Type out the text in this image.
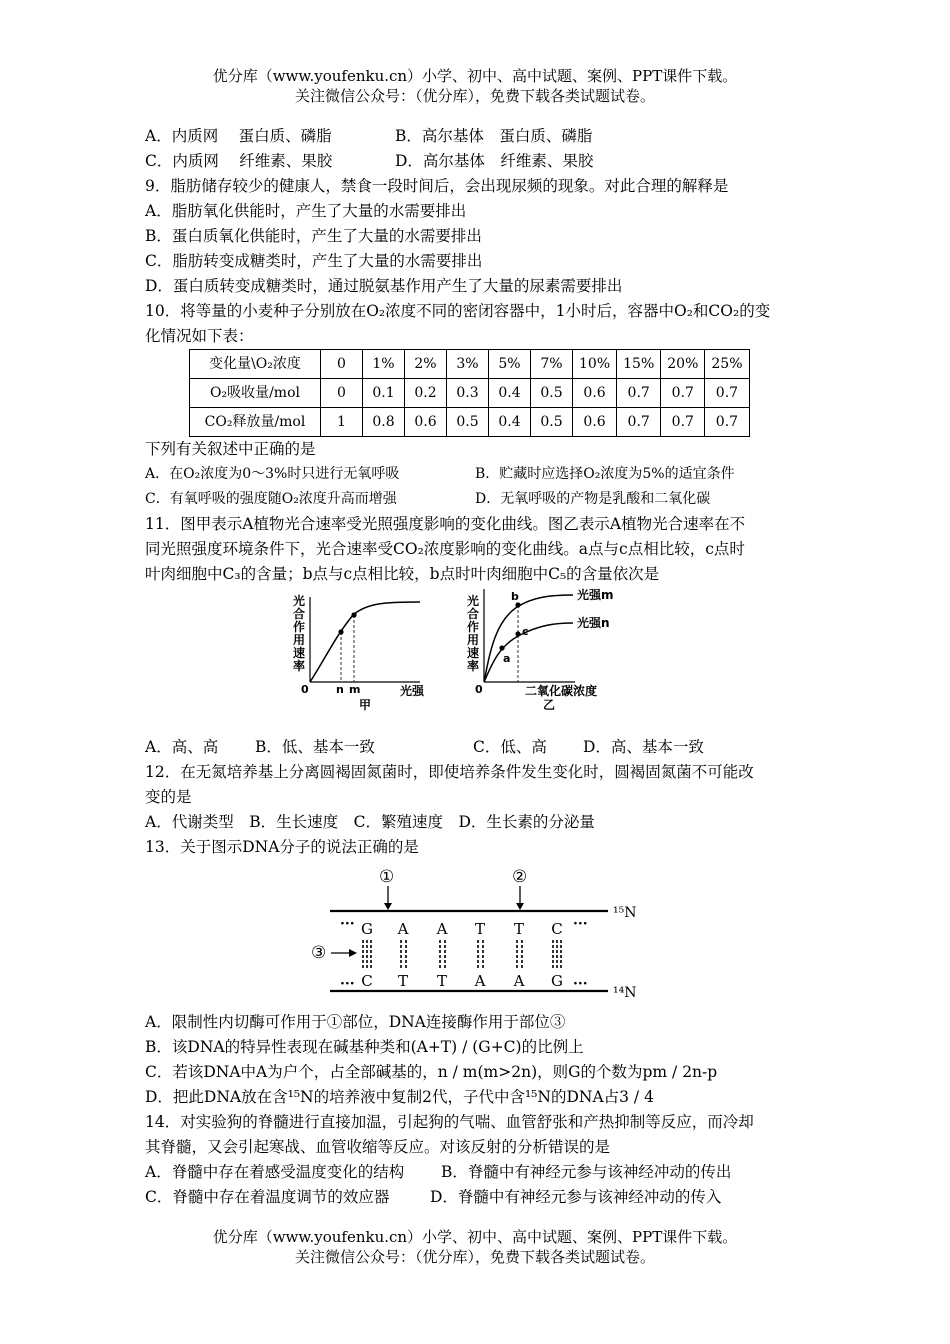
优分库（www.youfenku.cn）小学、初中、高中试题、案例、PPT课件下载。
关注微信公众号：（优分库），免费下载各类试题试卷。
A．内质网　 蛋白质、磷脂	B．高尔基体　蛋白质、磷脂
C．内质网　 纤维素、果胶	D．高尔基体　纤维素、果胶
9．脂肪储存较少的健康人，禁食一段时间后，会出现尿频的现象。对此合理的解释是
A．脂肪氧化供能时，产生了大量的水需要排出
B．蛋白质氧化供能时，产生了大量的水需要排出
C．脂肪转变成糖类时，产生了大量的水需要排出
D．蛋白质转变成糖类时，通过脱氨基作用产生了大量的尿素需要排出
10．将等量的小麦种子分别放在O₂浓度不同的密闭容器中，1小时后，容器中O₂和CO₂的变
化情况如下表：
变化量\O₂浓度	0	1%	2%	3%	5%	7%	10%	15%	20%	25%
O₂吸收量/mol	0	0.1	0.2	0.3	0.4	0.5	0.6	0.7	0.7	0.7
CO₂释放量/mol	1	0.8	0.6	0.5	0.4	0.5	0.6	0.7	0.7	0.7
下列有关叙述中正确的是
A．在O₂浓度为0～3%时只进行无氧呼吸	B．贮藏时应选择O₂浓度为5%的适宜条件
C．有氧呼吸的强度随O₂浓度升高而增强	D．无氧呼吸的产物是乳酸和二氧化碳
11．图甲表示A植物光合速率受光照强度影响的变化曲线。图乙表示A植物光合速率在不
同光照强度环境条件下，光合速率受CO₂浓度影响的变化曲线。a点与c点相比较，c点时
叶肉细胞中C₃的含量；b点与c点相比较，b点时叶肉细胞中C₅的含量依次是
光
合
作
用
速
率
0 n m	光强
甲
光
合
作
用
速
率
b
c
a
光强m
光强n
0	二氧化碳浓度
乙
A．高、高 B．低、基本一致	C．低、高 D．高、基本一致
12．在无氮培养基上分离圆褐固氮菌时，即使培养条件发生变化时，圆褐固氮菌不可能改
变的是
A．代谢类型　B．生长速度　C．繁殖速度　D．生长素的分泌量
13．关于图示DNA分子的说法正确的是
①	②
¹⁵N
¹⁴N
···
···
···
···
G A A T T C
C T T A A G
③
A．限制性内切酶可作用于①部位，DNA连接酶作用于部位③
B．该DNA的特异性表现在碱基种类和(A+T) / (G+C)的比例上
C．若该DNA中A为户个，占全部碱基的，n / m(m>2n)，则G的个数为pm / 2n-p
D．把此DNA放在含¹⁵N的培养液中复制2代，子代中含¹⁵N的DNA占3 / 4
14．对实验狗的脊髓进行直接加温，引起狗的气喘、血管舒张和产热抑制等反应，而冷却
其脊髓，又会引起寒战、血管收缩等反应。对该反射的分析错误的是
A．脊髓中存在着感受温度变化的结构 B．脊髓中有神经元参与该神经冲动的传出
C．脊髓中存在着温度调节的效应器	D．脊髓中有神经元参与该神经冲动的传入
优分库（www.youfenku.cn）小学、初中、高中试题、案例、PPT课件下载。
关注微信公众号：（优分库），免费下载各类试题试卷。
